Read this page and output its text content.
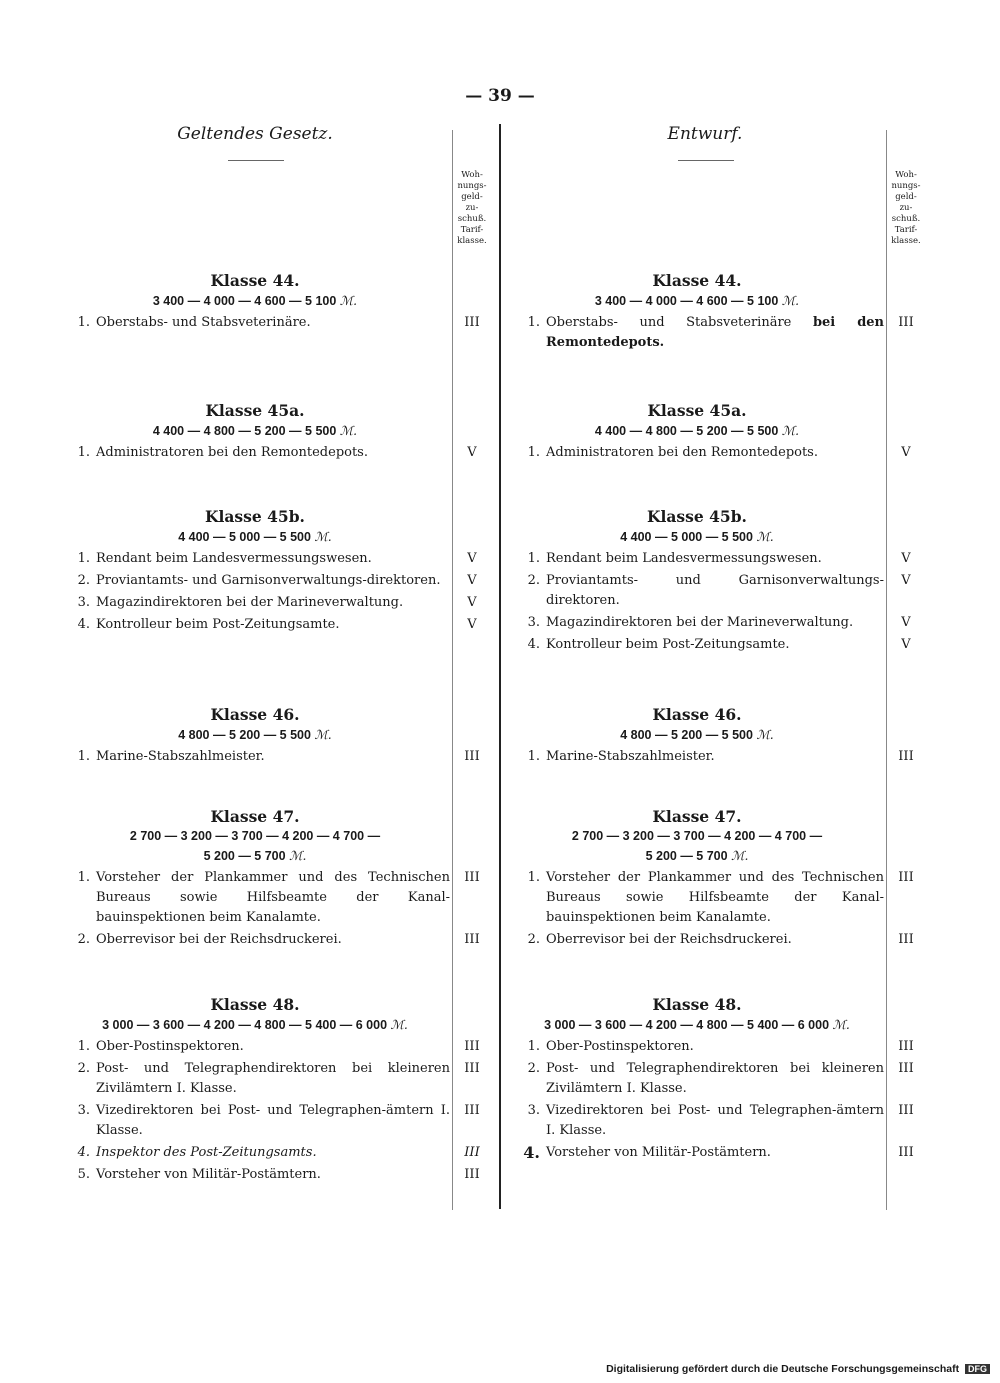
— 39 —
Geltendes Gesetz.
Woh-
nungs-
geld-
zu-
schuß.
Tarif-
klasse.
Klasse 44.
3 400 — 4 000 — 4 600 — 5 100 ℳ.
1. Oberstabs- und Stabsveterinäre.	III
Klasse 45a.
4 400 — 4 800 — 5 200 — 5 500 ℳ.
1. Administratoren bei den Remontedepots.	V
Klasse 45b.
4 400 — 5 000 — 5 500 ℳ.
1. Rendant beim Landesvermessungswesen.	V
2. Proviantamts- und Garnisonverwaltungs-direktoren.	V
3. Magazindirektoren bei der Marineverwaltung.	V
4. Kontrolleur beim Post-Zeitungsamte.	V
Klasse 46.
4 800 — 5 200 — 5 500 ℳ.
1. Marine-Stabszahlmeister.	III
Klasse 47.
2 700 — 3 200 — 3 700 — 4 200 — 4 700 —
5 200 — 5 700 ℳ.
1. Vorsteher der Plankammer und des Technischen Bureaus sowie Hilfsbeamte der Kanal-bauinspektionen beim Kanalamte.
III
2. Oberrevisor bei der Reichsdruckerei.	III
Klasse 48.
3 000 — 3 600 — 4 200 — 4 800 — 5 400 — 6 000 ℳ.
1. Ober-Postinspektoren.	III
2. Post- und Telegraphendirektoren bei kleineren Zivilämtern I. Klasse.
III
3. Vizedirektoren bei Post- und Telegraphen-ämtern I. Klasse.
III
4. Inspektor des Post-Zeitungsamts.	III
5. Vorsteher von Militär-Postämtern.	III
Entwurf.
Woh-
nungs-
geld-
zu-
schuß.
Tarif-
klasse.
Klasse 44.
3 400 — 4 000 — 4 600 — 5 100 ℳ.
1. Oberstabs- und Stabsveterinäre bei den Remontedepots.
III
Klasse 45a.
4 400 — 4 800 — 5 200 — 5 500 ℳ.
1. Administratoren bei den Remontedepots.	V
Klasse 45b.
4 400 — 5 000 — 5 500 ℳ.
1. Rendant beim Landesvermessungswesen.	V
2. Proviantamts- und Garnisonverwaltungs-direktoren.
V
3. Magazindirektoren bei der Marineverwaltung.	V
4. Kontrolleur beim Post-Zeitungsamte.	V
Klasse 46.
4 800 — 5 200 — 5 500 ℳ.
1. Marine-Stabszahlmeister.	III
Klasse 47.
2 700 — 3 200 — 3 700 — 4 200 — 4 700 —
5 200 — 5 700 ℳ.
1. Vorsteher der Plankammer und des Technischen Bureaus sowie Hilfsbeamte der Kanal-bauinspektionen beim Kanalamte.
III
2. Oberrevisor bei der Reichsdruckerei.	III
Klasse 48.
3 000 — 3 600 — 4 200 — 4 800 — 5 400 — 6 000 ℳ.
1. Ober-Postinspektoren.	III
2. Post- und Telegraphendirektoren bei kleineren Zivilämtern I. Klasse.
III
3. Vizedirektoren bei Post- und Telegraphen-ämtern I. Klasse.
III
4. Vorsteher von Militär-Postämtern.	III
Digitalisierung gefördert durch die Deutsche Forschungsgemeinschaft DFG
